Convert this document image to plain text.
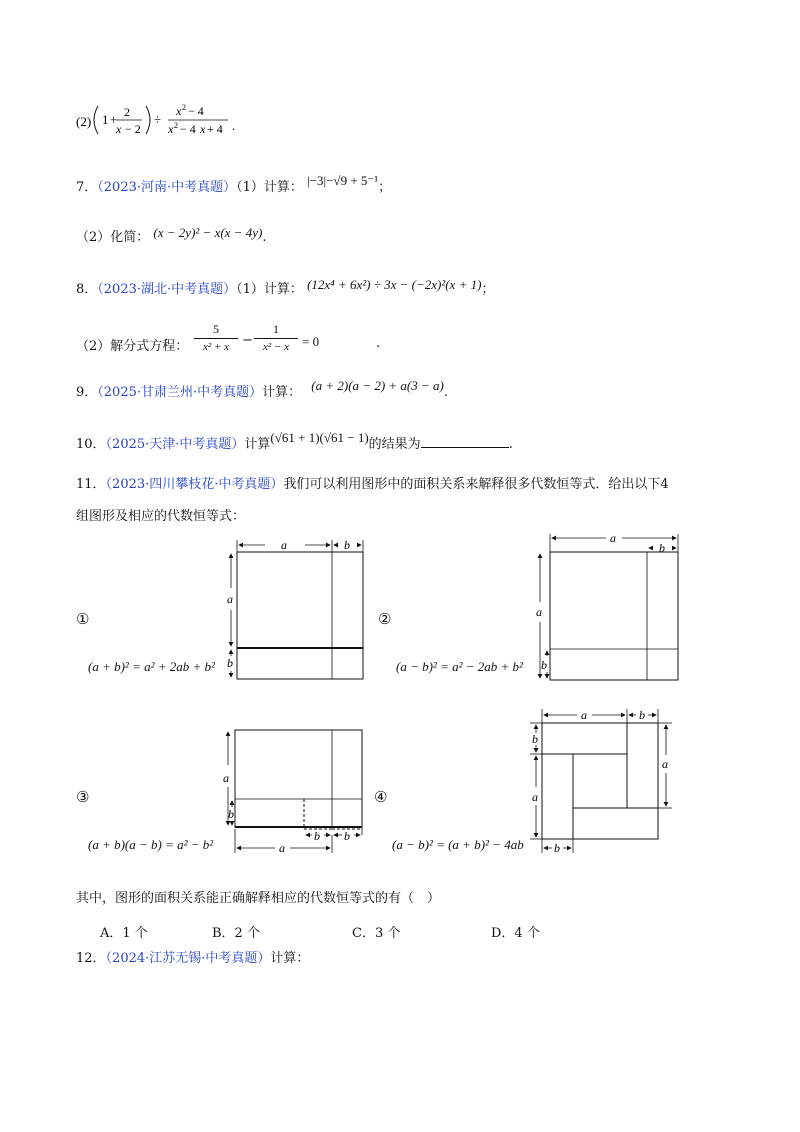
(2) 1 + 2
x − 2
÷
x 2 − 4
x 2 − 4 x + 4 .
7．（2023·河南·中考真题）（1）计算： |−3|−√9 + 5⁻¹；
（2）化简： (x − 2y)² − x(x − 4y).
8．（2023·湖北·中考真题）（1）计算： (12x⁴ + 6x²) ÷ 3x − (−2x)²(x + 1)；
（2）解分式方程： $\frac{5}{\text{x² + x}} - \frac{1}{\text{x² − x}} = 0$	.
9．（2025·甘肃兰州·中考真题）计算： (a + 2)(a − 2) + a(3 − a).
10．（2025·天津·中考真题）计算(√61 + 1)(√61 − 1)的结果为	.
11．（2023·四川攀枝花·中考真题）我们可以利用图形中的面积关系来解释很多代数恒等式．给出以下4
组图形及相应的代数恒等式：
①	②
③	④
(a + b)² = a² + 2ab + b²	(a − b)² = a² − 2ab + b²
(a + b)(a − b) = a² − b²	(a − b)² = (a + b)² − 4ab
a	b
a
b
a
b
a
b
a
b
b b
a
a	b
b
a
a
b
其中，图形的面积关系能正确解释相应的代数恒等式的有（　）
A．1 个	B．2 个	C．3 个	D．4 个
12．（2024·江苏无锡·中考真题）计算：
